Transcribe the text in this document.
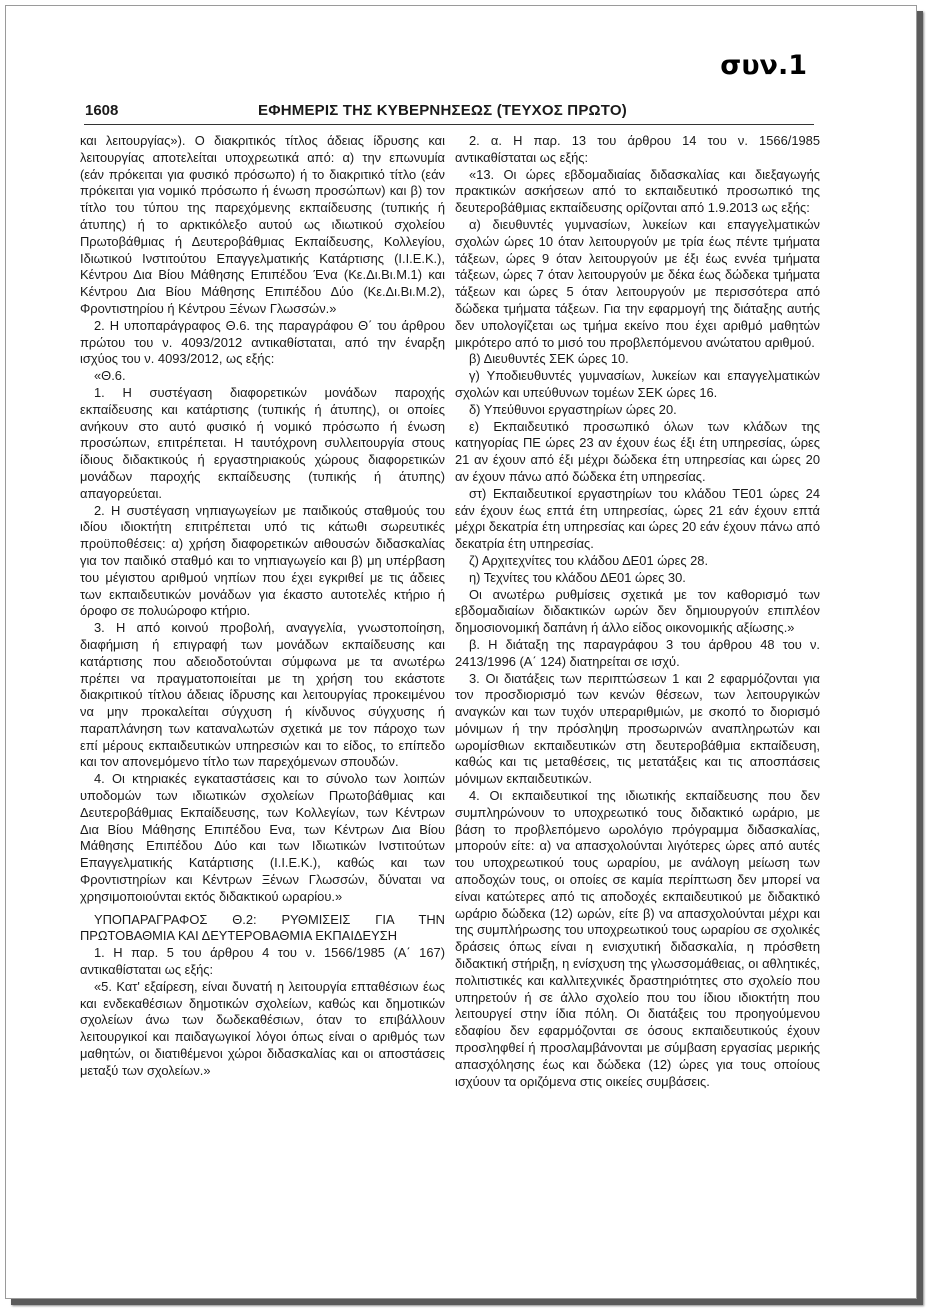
συν.1
1608	ΕΦΗΜΕΡΙΣ ΤΗΣ ΚΥΒΕΡΝΗΣΕΩΣ (ΤΕΥΧΟΣ ΠΡΩΤΟ)

και λειτουργίας»). Ο διακριτικός τίτλος άδειας ίδρυσης και λειτουργίας αποτελείται υποχρεωτικά από: α) την επωνυμία (εάν πρόκειται για φυσικό πρόσωπο) ή το διακριτικό τίτλο (εάν πρόκειται για νομικό πρόσωπο ή ένωση προσώπων) και β) τον τίτλο του τύπου της παρεχόμενης εκπαίδευσης (τυπικής ή άτυπης) ή το αρκτικόλεξο αυτού ως ιδιωτικού σχολείου Πρωτοβάθμιας ή Δευτεροβάθμιας Εκπαίδευσης, Κολλεγίου, Ιδιωτικού Ινστιτούτου Επαγγελματικής Κατάρτισης (Ι.Ι.Ε.Κ.), Κέντρου Δια Βίου Μάθησης Επιπέδου Ένα (Κε.Δι.Βι.Μ.1) και Κέντρου Δια Βίου Μάθησης Επιπέδου Δύο (Κε.Δι.Βι.Μ.2), Φροντιστηρίου ή Κέντρου Ξένων Γλωσσών.»

2. Η υποπαράγραφος Θ.6. της παραγράφου Θ΄ του άρθρου πρώτου του ν. 4093/2012 αντικαθίσταται, από την έναρξη ισχύος του ν. 4093/2012, ως εξής:

«Θ.6.

1. Η συστέγαση διαφορετικών μονάδων παροχής εκπαίδευσης και κατάρτισης (τυπικής ή άτυπης), οι οποίες ανήκουν στο αυτό φυσικό ή νομικό πρόσωπο ή ένωση προσώπων, επιτρέπεται. Η ταυτόχρονη συλλειτουργία στους ίδιους διδακτικούς ή εργαστηριακούς χώρους διαφορετικών μονάδων παροχής εκπαίδευσης (τυπικής ή άτυπης) απαγορεύεται.

2. Η συστέγαση νηπιαγωγείων με παιδικούς σταθμούς του ιδίου ιδιοκτήτη επιτρέπεται υπό τις κάτωθι σωρευτικές προϋποθέσεις: α) χρήση διαφορετικών αιθουσών διδασκαλίας για τον παιδικό σταθμό και το νηπιαγωγείο και β) μη υπέρβαση του μέγιστου αριθμού νηπίων που έχει εγκριθεί με τις άδειες των εκπαιδευτικών μονάδων για έκαστο αυτοτελές κτήριο ή όροφο σε πολυώροφο κτήριο.

3. Η από κοινού προβολή, αναγγελία, γνωστοποίηση, διαφήμιση ή επιγραφή των μονάδων εκπαίδευσης και κατάρτισης που αδειοδοτούνται σύμφωνα με τα ανωτέρω πρέπει να πραγματοποιείται με τη χρήση του εκάστοτε διακριτικού τίτλου άδειας ίδρυσης και λειτουργίας προκειμένου να μην προκαλείται σύγχυση ή κίνδυνος σύγχυσης ή παραπλάνηση των καταναλωτών σχετικά με τον πάροχο των επί μέρους εκπαιδευτικών υπηρεσιών και το είδος, το επίπεδο και τον απονεμόμενο τίτλο των παρεχόμενων σπουδών.

4. Οι κτηριακές εγκαταστάσεις και το σύνολο των λοιπών υποδομών των ιδιωτικών σχολείων Πρωτοβάθμιας και Δευτεροβάθμιας Εκπαίδευσης, των Κολλεγίων, των Κέντρων Δια Βίου Μάθησης Επιπέδου Ενα, των Κέντρων Δια Βίου Μάθησης Επιπέδου Δύο και των Ιδιωτικών Ινστιτούτων Επαγγελματικής Κατάρτισης (Ι.Ι.Ε.Κ.), καθώς και των Φροντιστηρίων και Κέντρων Ξένων Γλωσσών, δύναται να χρησιμοποιούνται εκτός διδακτικού ωραρίου.»

ΥΠΟΠΑΡΑΓΡΑΦΟΣ Θ.2: ΡΥΘΜΙΣΕΙΣ ΓΙΑ ΤΗΝ ΠΡΩΤΟΒΑΘΜΙΑ ΚΑΙ ΔΕΥΤΕΡΟΒΑΘΜΙΑ ΕΚΠΑΙΔΕΥΣΗ

1. Η παρ. 5 του άρθρου 4 του ν. 1566/1985 (Α΄ 167) αντικαθίσταται ως εξής:

«5. Κατ' εξαίρεση, είναι δυνατή η λειτουργία επταθέσιων έως και ενδεκαθέσιων δημοτικών σχολείων, καθώς και δημοτικών σχολείων άνω των δωδεκαθέσιων, όταν το επιβάλλουν λειτουργικοί και παιδαγωγικοί λόγοι όπως είναι ο αριθμός των μαθητών, οι διατιθέμενοι χώροι διδασκαλίας και οι αποστάσεις μεταξύ των σχολείων.»

2. α. Η παρ. 13 του άρθρου 14 του ν. 1566/1985 αντικαθίσταται ως εξής:

«13. Οι ώρες εβδομαδιαίας διδασκαλίας και διεξαγωγής πρακτικών ασκήσεων από το εκπαιδευτικό προσωπικό της δευτεροβάθμιας εκπαίδευσης ορίζονται από 1.9.2013 ως εξής:

α) διευθυντές γυμνασίων, λυκείων και επαγγελματικών σχολών ώρες 10 όταν λειτουργούν με τρία έως πέντε τμήματα τάξεων, ώρες 9 όταν λειτουργούν με έξι έως εννέα τμήματα τάξεων, ώρες 7 όταν λειτουργούν με δέκα έως δώδεκα τμήματα τάξεων και ώρες 5 όταν λειτουργούν με περισσότερα από δώδεκα τμήματα τάξεων. Για την εφαρμογή της διάταξης αυτής δεν υπολογίζεται ως τμήμα εκείνο που έχει αριθμό μαθητών μικρότερο από το μισό του προβλεπόμενου ανώτατου αριθμού.

β) Διευθυντές ΣΕΚ ώρες 10.

γ) Υποδιευθυντές γυμνασίων, λυκείων και επαγγελματικών σχολών και υπεύθυνων τομέων ΣΕΚ ώρες 16.

δ) Υπεύθυνοι εργαστηρίων ώρες 20.

ε) Εκπαιδευτικό προσωπικό όλων των κλάδων της κατηγορίας ΠΕ ώρες 23 αν έχουν έως έξι έτη υπηρεσίας, ώρες 21 αν έχουν από έξι μέχρι δώδεκα έτη υπηρεσίας και ώρες 20 αν έχουν πάνω από δώδεκα έτη υπηρεσίας.

στ) Εκπαιδευτικοί εργαστηρίων του κλάδου ΤΕ01 ώρες 24 εάν έχουν έως επτά έτη υπηρεσίας, ώρες 21 εάν έχουν επτά μέχρι δεκατρία έτη υπηρεσίας και ώρες 20 εάν έχουν πάνω από δεκατρία έτη υπηρεσίας.

ζ) Αρχιτεχνίτες του κλάδου ΔΕ01 ώρες 28.

η) Τεχνίτες του κλάδου ΔΕ01 ώρες 30.

Οι ανωτέρω ρυθμίσεις σχετικά με τον καθορισμό των εβδομαδιαίων διδακτικών ωρών δεν δημιουργούν επιπλέον δημοσιονομική δαπάνη ή άλλο είδος οικονομικής αξίωσης.»

β. Η διάταξη της παραγράφου 3 του άρθρου 48 του ν. 2413/1996 (Α΄ 124) διατηρείται σε ισχύ.

3. Οι διατάξεις των περιπτώσεων 1 και 2 εφαρμόζονται για τον προσδιορισμό των κενών θέσεων, των λειτουργικών αναγκών και των τυχόν υπεραριθμιών, με σκοπό το διορισμό μόνιμων ή την πρόσληψη προσωρινών αναπληρωτών και ωρομίσθιων εκπαιδευτικών στη δευτεροβάθμια εκπαίδευση, καθώς και τις μεταθέσεις, τις μετατάξεις και τις αποσπάσεις μόνιμων εκπαιδευτικών.

4. Οι εκπαιδευτικοί της ιδιωτικής εκπαίδευσης που δεν συμπληρώνουν το υποχρεωτικό τους διδακτικό ωράριο, με βάση το προβλεπόμενο ωρολόγιο πρόγραμμα διδασκαλίας, μπορούν είτε: α) να απασχολούνται λιγότερες ώρες από αυτές του υποχρεωτικού τους ωραρίου, με ανάλογη μείωση των αποδοχών τους, οι οποίες σε καμία περίπτωση δεν μπορεί να είναι κατώτερες από τις αποδοχές εκπαιδευτικού με διδακτικό ωράριο δώδεκα (12) ωρών, είτε β) να απασχολούνται μέχρι και της συμπλήρωσης του υποχρεωτικού τους ωραρίου σε σχολικές δράσεις όπως είναι η ενισχυτική διδασκαλία, η πρόσθετη διδακτική στήριξη, η ενίσχυση της γλωσσομάθειας, οι αθλητικές, πολιτιστικές και καλλιτεχνικές δραστηριότητες στο σχολείο που υπηρετούν ή σε άλλο σχολείο που του ίδιου ιδιοκτήτη που λειτουργεί στην ίδια πόλη. Οι διατάξεις του προηγούμενου εδαφίου δεν εφαρμόζονται σε όσους εκπαιδευτικούς έχουν προσληφθεί ή προσλαμβάνονται με σύμβαση εργασίας μερικής απασχόλησης έως και δώδεκα (12) ώρες για τους οποίους ισχύουν τα οριζόμενα στις οικείες συμβάσεις.
